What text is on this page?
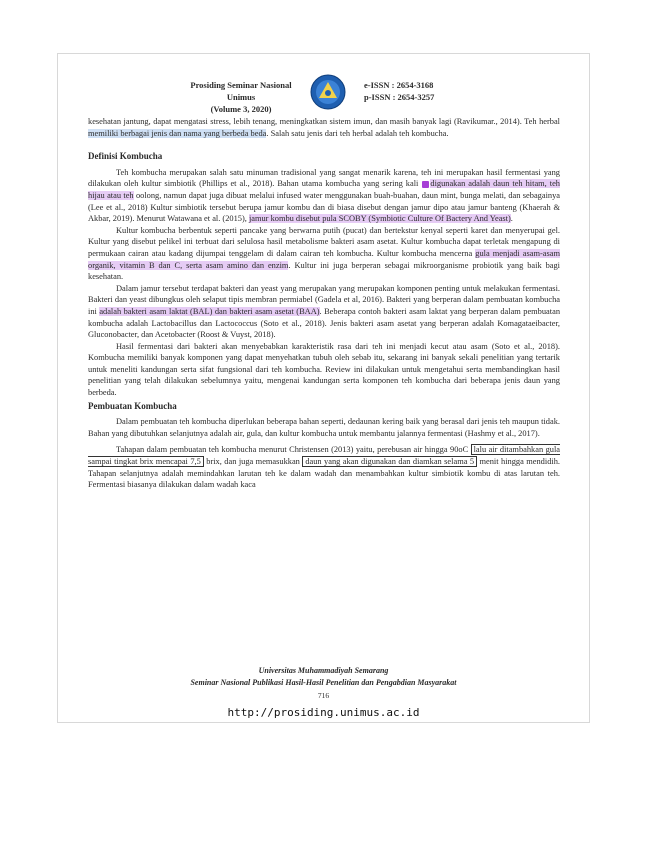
Prosiding Seminar Nasional Unimus
(Volume 3, 2020)
e-ISSN : 2654-3168
p-ISSN : 2654-3257

kesehatan jantung, dapat mengatasi stress, lebih tenang, meningkatkan sistem imun, dan masih banyak lagi (Ravikumar., 2014). Teh herbal memiliki berbagai jenis dan nama yang berbeda beda. Salah satu jenis dari teh herbal adalah teh kombucha.

Definisi Kombucha

Teh kombucha merupakan salah satu minuman tradisional yang sangat menarik karena, teh ini merupakan hasil fermentasi yang dilakukan oleh kultur simbiotik (Phillips et al., 2018). Bahan utama kombucha yang sering kali digunakan adalah daun teh hitam, teh hijau atau teh oolong, namun dapat juga dibuat melalui infused water menggunakan buah-buahan, daun mint, bunga melati, dan sebagainya (Lee et al., 2018) Kultur simbiotik tersebut berupa jamur kombu dan di biasa disebut dengan jamur dipo atau jamur banteng (Khaerah & Akbar, 2019). Menurut Watawana et al. (2015), jamur kombu disebut pula SCOBY (Symbiotic Culture Of Bactery And Yeast).

Kultur kombucha berbentuk seperti pancake yang berwarna putih (pucat) dan bertekstur kenyal seperti karet dan menyerupai gel. Kultur yang disebut pelikel ini terbuat dari selulosa hasil metabolisme bakteri asam asetat. Kultur kombucha dapat terletak mengapung di permukaan cairan atau kadang dijumpai tenggelam di dalam cairan teh kombucha. Kultur kombucha mencerna gula menjadi asam-asam organik, vitamin B dan C, serta asam amino dan enzim. Kultur ini juga berperan sebagai mikroorganisme probiotik yang baik bagi kesehatan.

Dalam jamur tersebut terdapat bakteri dan yeast yang merupakan yang merupakan komponen penting untuk melakukan fermentasi. Bakteri dan yeast dibungkus oleh selaput tipis membran permiabel (Gadela et al, 2016). Bakteri yang berperan dalam pembuatan kombucha ini adalah bakteri asam laktat (BAL) dan bakteri asam asetat (BAA). Beberapa contoh bakteri asam laktat yang berperan dalam pembuatan kombucha adalah Lactobacillus dan Lactococcus (Soto et al., 2018). Jenis bakteri asam asetat yang berperan adalah Komagataeibacter, Gluconobacter, dan Acetobacter (Roost & Vuyst, 2018).

Hasil fermentasi dari bakteri akan menyebabkan karakteristik rasa dari teh ini menjadi kecut atau asam (Soto et al., 2018). Kombucha memiliki banyak komponen yang dapat menyehatkan tubuh oleh sebab itu, sekarang ini banyak sekali penelitian yang tertarik untuk meneliti kandungan serta sifat fungsional dari teh kombucha. Review ini dilakukan untuk mengetahui serta membandingkan hasil penelitian yang telah dilakukan sebelumnya yaitu, mengenai kandungan serta komponen teh kombucha dari beberapa jenis daun yang berbeda.

Pembuatan Kombucha

Dalam pembuatan teh kombucha diperlukan beberapa bahan seperti, dedaunan kering baik yang berasal dari jenis teh maupun tidak. Bahan yang dibutuhkan selanjutnya adalah air, gula, dan kultur kombucha untuk membantu jalannya fermentasi (Hashmy et al., 2017).

Tahapan dalam pembuatan teh kombucha menurut Christensen (2013) yaitu, perebusan air hingga 90oC lalu air ditambahkan gula sampai tingkat brix mencapai 7,5 brix, dan juga memasukkan daun yang akan digunakan dan diamkan selama 5 menit hingga mendidih. Tahapan selanjutnya adalah memindahkan larutan teh ke dalam wadah dan menambahkan kultur simbiotik kombu di atas larutan teh. Fermentasi biasanya dilakukan dalam wadah kaca

Universitas Muhammadiyah Semarang
Seminar Nasional Publikasi Hasil-Hasil Penelitian dan Pengabdian Masyarakat
716
http://prosiding.unimus.ac.id
